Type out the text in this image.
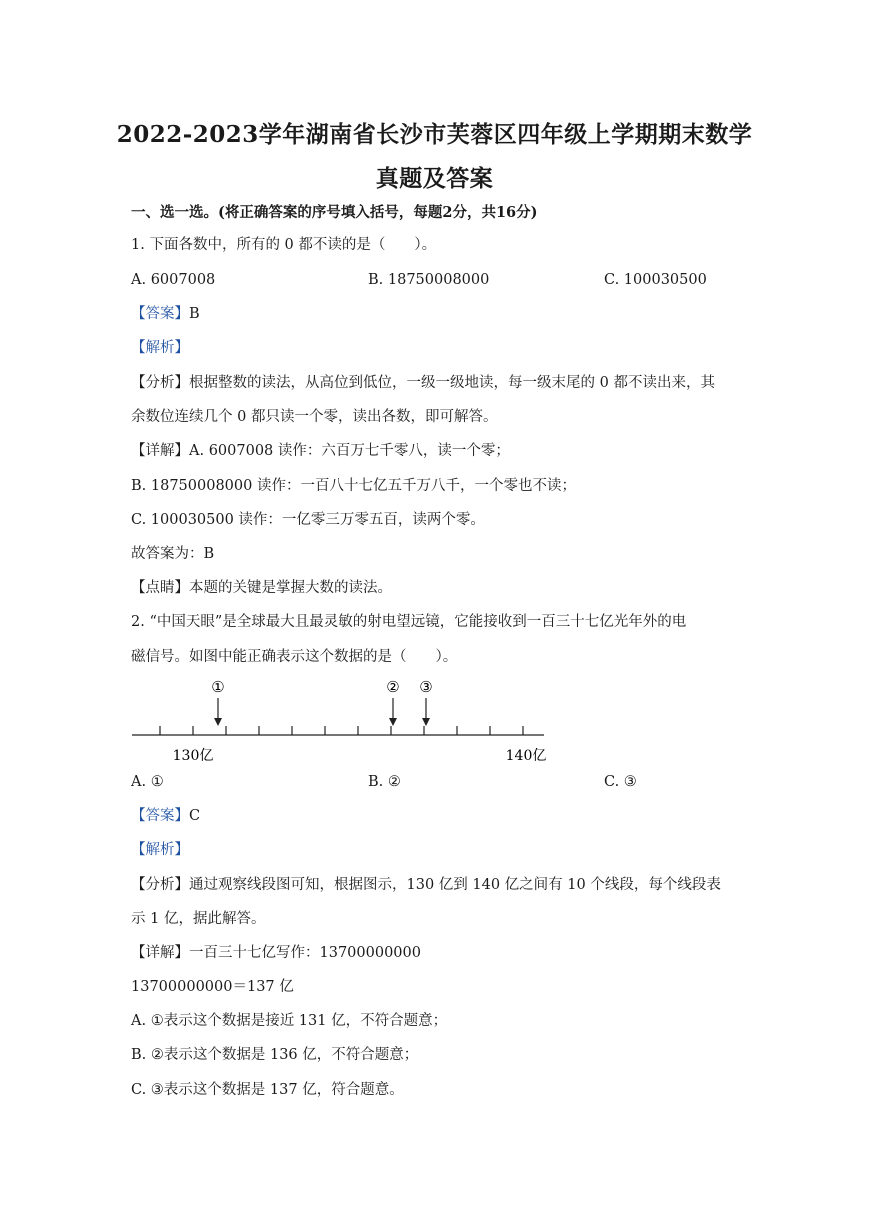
2022-2023学年湖南省长沙市芙蓉区四年级上学期期末数学
真题及答案
一、选一选。(将正确答案的序号填入括号，每题2分，共16分)
1. 下面各数中，所有的 0 都不读的是（　　）。
A. 6007008	B. 18750008000	C. 100030500
【答案】B
【解析】
【分析】根据整数的读法，从高位到低位，一级一级地读，每一级末尾的 0 都不读出来，其
余数位连续几个 0 都只读一个零，读出各数，即可解答。
【详解】A. 6007008 读作：六百万七千零八，读一个零；
B. 18750008000 读作：一百八十七亿五千万八千，一个零也不读；
C. 100030500 读作：一亿零三万零五百，读两个零。
故答案为：B
【点睛】本题的关键是掌握大数的读法。
2. “中国天眼”是全球最大且最灵敏的射电望远镜，它能接收到一百三十七亿光年外的电
磁信号。如图中能正确表示这个数据的是（　　）。
①	② ③
130亿	140亿
A. ①	B. ②	C. ③
【答案】C
【解析】
【分析】通过观察线段图可知，根据图示，130 亿到 140 亿之间有 10 个线段，每个线段表
示 1 亿，据此解答。
【详解】一百三十七亿写作：13700000000
13700000000＝137 亿
A. ①表示这个数据是接近 131 亿，不符合题意；
B. ②表示这个数据是 136 亿，不符合题意；
C. ③表示这个数据是 137 亿，符合题意。
